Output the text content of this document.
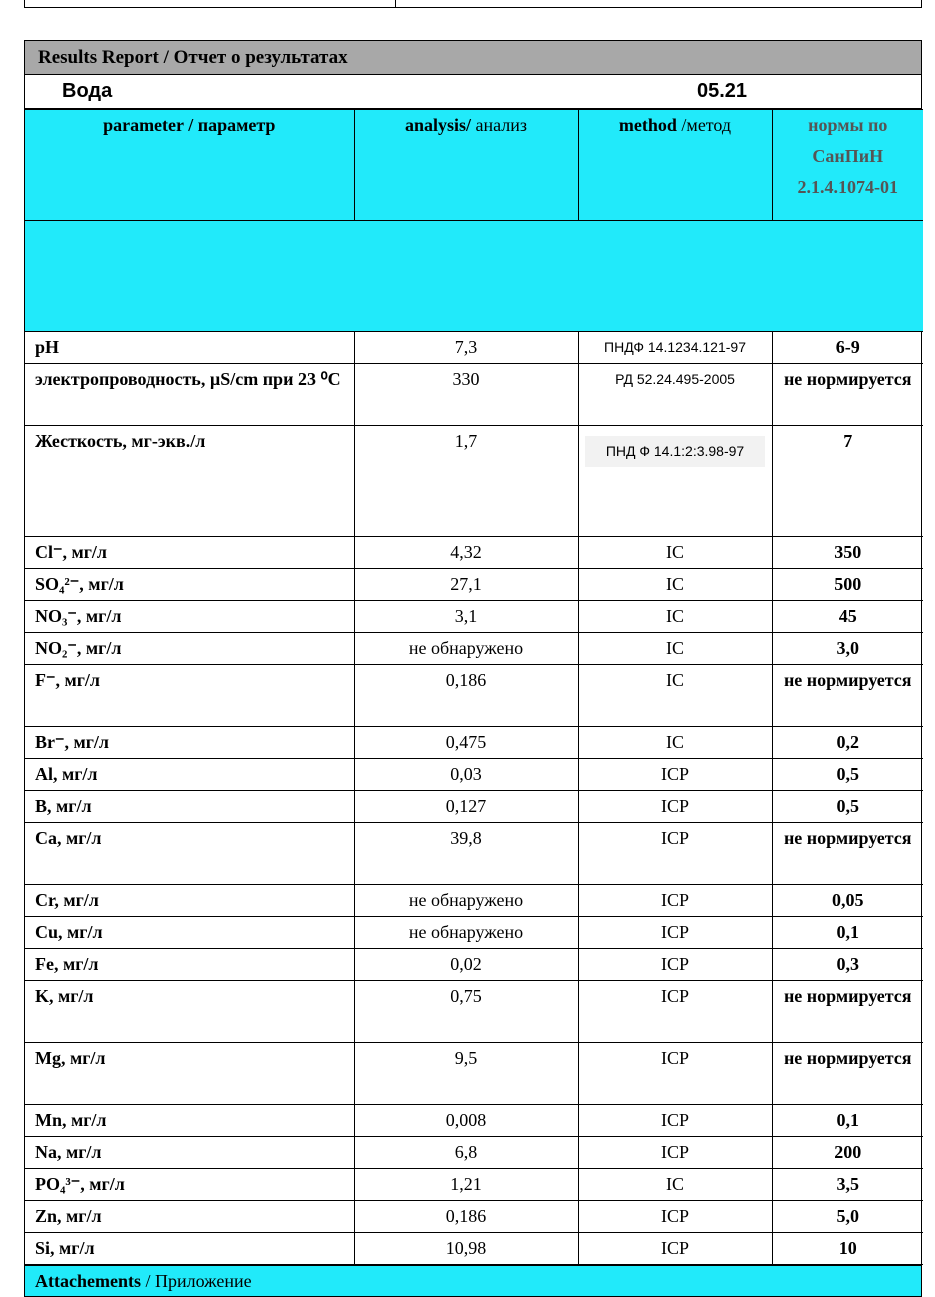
Results Report / Отчет о результатах
Вода	05.21
parameter / параметр	analysis/ анализ	method /метод	нормы по СанПиН 2.1.4.1074-01

pH	7,3	ПНДФ 14.1234.121-97	6-9
электропроводность, µS/cm при 23 ⁰С	330	РД 52.24.495-2005	не нормируется
Жесткость, мг-экв./л	1,7	ПНД Ф 14.1:2:3.98-97	7
Cl⁻, мг/л	4,32	IC	350
SO₄²⁻, мг/л	27,1	IC	500
NO₃⁻, мг/л	3,1	IC	45
NO₂⁻, мг/л	не обнаружено	IC	3,0
F⁻, мг/л	0,186	IC	не нормируется
Br⁻, мг/л	0,475	IC	0,2
Al, мг/л	0,03	ICP	0,5
B, мг/л	0,127	ICP	0,5
Ca, мг/л	39,8	ICP	не нормируется
Cr, мг/л	не обнаружено	ICP	0,05
Cu, мг/л	не обнаружено	ICP	0,1
Fe, мг/л	0,02	ICP	0,3
K, мг/л	0,75	ICP	не нормируется
Mg, мг/л	9,5	ICP	не нормируется
Mn, мг/л	0,008	ICP	0,1
Na, мг/л	6,8	ICP	200
PO₄³⁻, мг/л	1,21	IC	3,5
Zn, мг/л	0,186	ICP	5,0
Si, мг/л	10,98	ICP	10
Attachements / Приложение
